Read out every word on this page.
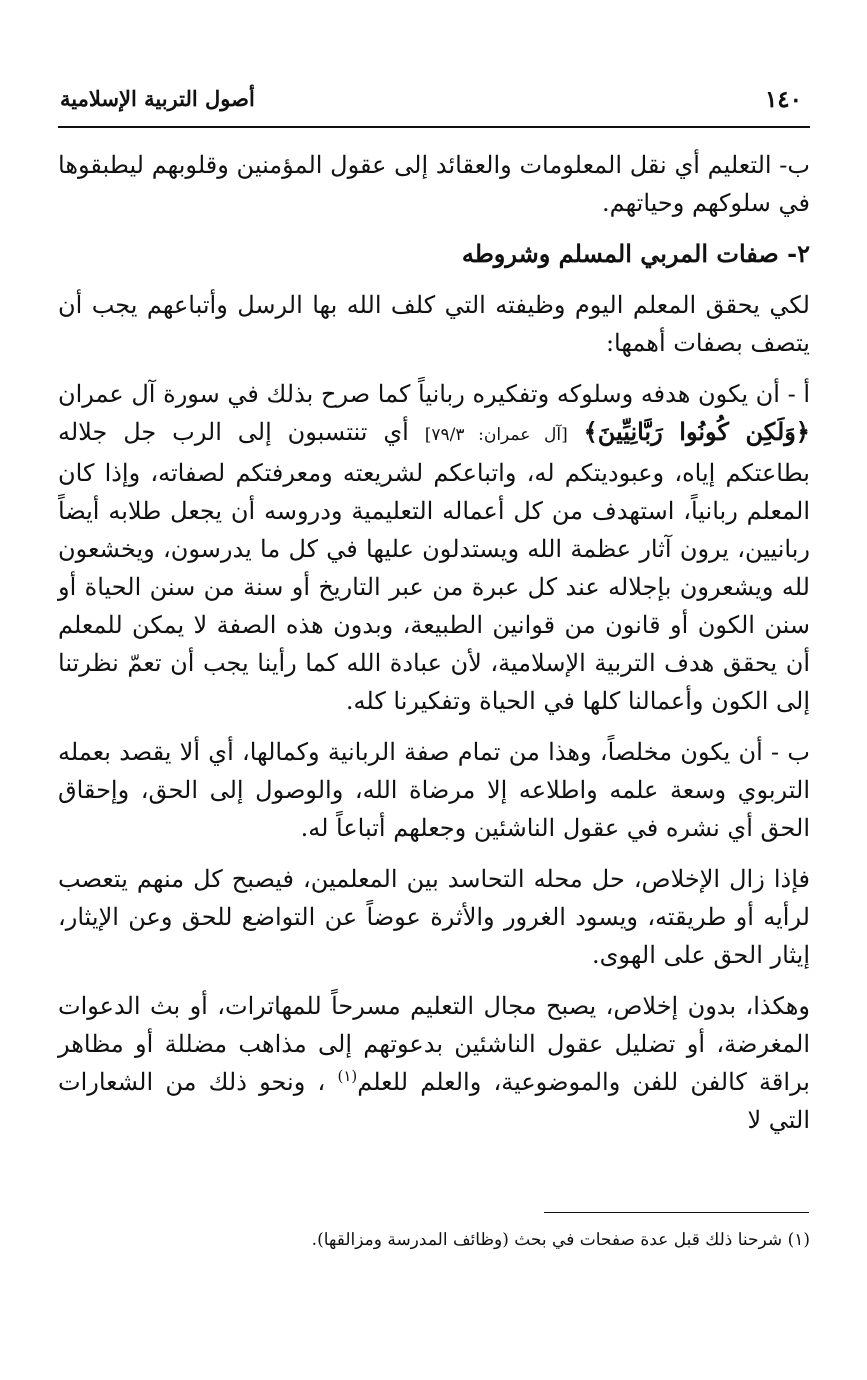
١٤٠
أصول التربية الإسلامية

ب- التعليم أي نقل المعلومات والعقائد إلى عقول المؤمنين وقلوبهم ليطبقوها في سلوكهم وحياتهم.

٢- صفات المربي المسلم وشروطه

لكي يحقق المعلم اليوم وظيفته التي كلف الله بها الرسل وأتباعهم يجب أن يتصف بصفات أهمها:

أ - أن يكون هدفه وسلوكه وتفكيره ربانياً كما صرح بذلك في سورة آل عمران ﴿وَلَكِن كُونُوا رَبَّانِيِّينَ﴾ [آل عمران: ٧٩/٣] أي تنتسبون إلى الرب جل جلاله بطاعتكم إياه، وعبوديتكم له، واتباعكم لشريعته ومعرفتكم لصفاته، وإذا كان المعلم ربانياً، استهدف من كل أعماله التعليمية ودروسه أن يجعل طلابه أيضاً ربانيين، يرون آثار عظمة الله ويستدلون عليها في كل ما يدرسون، ويخشعون لله ويشعرون بإجلاله عند كل عبرة من عبر التاريخ أو سنة من سنن الحياة أو سنن الكون أو قانون من قوانين الطبيعة، وبدون هذه الصفة لا يمكن للمعلم أن يحقق هدف التربية الإسلامية، لأن عبادة الله كما رأينا يجب أن تعمّ نظرتنا إلى الكون وأعمالنا كلها في الحياة وتفكيرنا كله.

ب - أن يكون مخلصاً، وهذا من تمام صفة الربانية وكمالها، أي ألا يقصد بعمله التربوي وسعة علمه واطلاعه إلا مرضاة الله، والوصول إلى الحق، وإحقاق الحق أي نشره في عقول الناشئين وجعلهم أتباعاً له.

فإذا زال الإخلاص، حل محله التحاسد بين المعلمين، فيصبح كل منهم يتعصب لرأيه أو طريقته، ويسود الغرور والأثرة عوضاً عن التواضع للحق وعن الإيثار، إيثار الحق على الهوى.

وهكذا، بدون إخلاص، يصبح مجال التعليم مسرحاً للمهاترات، أو بث الدعوات المغرضة، أو تضليل عقول الناشئين بدعوتهم إلى مذاهب مضللة أو مظاهر براقة كالفن للفن والموضوعية، والعلم للعلم$^{(١)}$ ، ونحو ذلك من الشعارات التي لا

(١) شرحنا ذلك قبل عدة صفحات في بحث (وظائف المدرسة ومزالقها).
